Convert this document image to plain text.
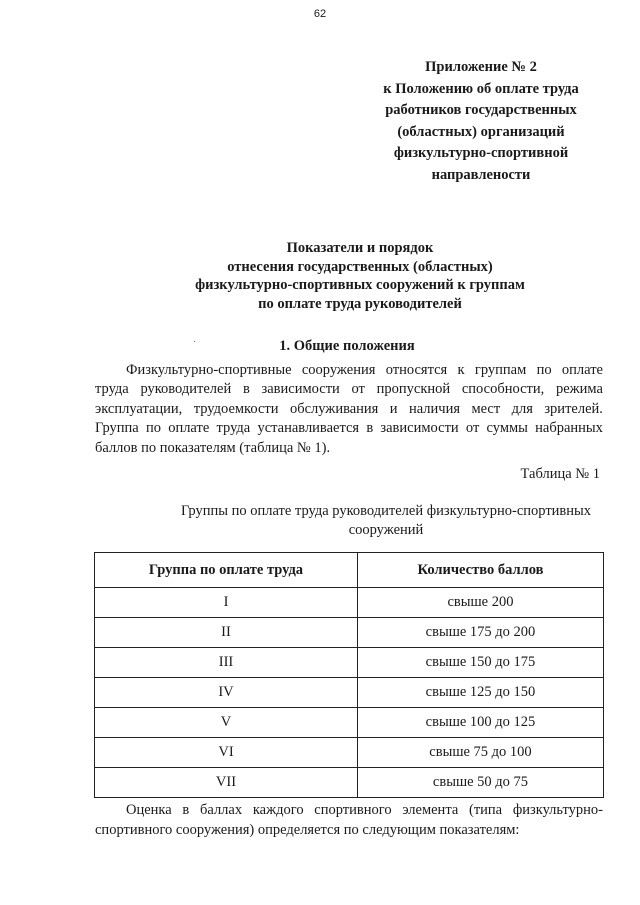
62
Приложение № 2
к Положению об оплате труда
работников государственных
(областных) организаций
физкультурно-спортивной
направлености
Показатели и порядок
отнесения государственных (областных)
физкультурно-спортивных сооружений к группам
по оплате труда руководителей
·	1. Общие положения
Физкультурно-спортивные сооружения относятся к группам по оплате
труда руководителей в зависимости от пропускной способности, режима
эксплуатации, трудоемкости обслуживания и наличия мест для зрителей.
Группа по оплате труда устанавливается в зависимости от суммы набранных
баллов по показателям (таблица № 1).
Таблица № 1
Группы по оплате труда руководителей физкультурно-спортивных
сооружений
Группа по оплате труда	Количество баллов
I	свыше 200
II	свыше 175 до 200
III	свыше 150 до 175
IV	свыше 125 до 150
V	свыше 100 до 125
VI	свыше 75 до 100
VII	свыше 50 до 75
Оценка в баллах каждого спортивного элемента (типа физкультурно-
спортивного сооружения) определяется по следующим показателям:
